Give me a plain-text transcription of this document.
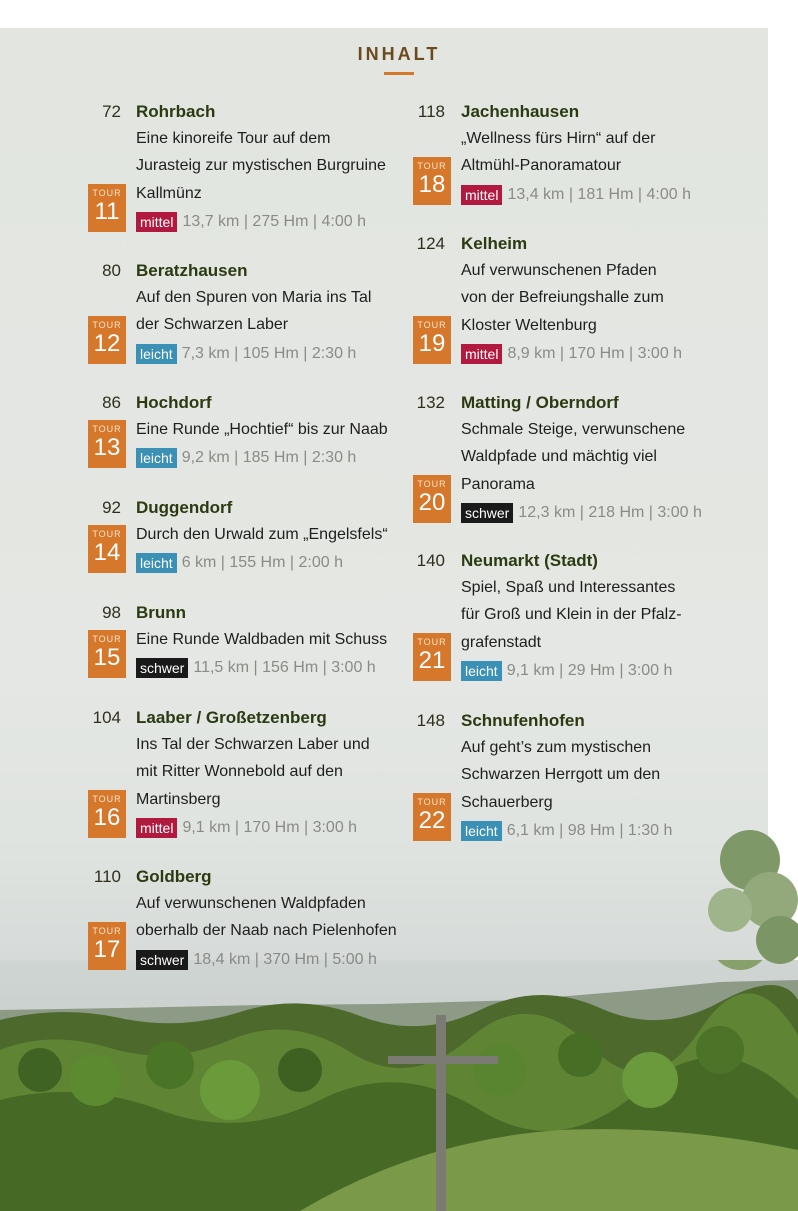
INHALT
72 Rohrbach
Eine kinoreife Tour auf dem
Jurasteig zur mystischen Burgruine
Kallmünz
mittel 13,7 km | 275 Hm | 4:00 h
TOUR
11
80 Beratzhausen
Auf den Spuren von Maria ins Tal
der Schwarzen Laber
leicht 7,3 km | 105 Hm | 2:30 h
TOUR
12
86 Hochdorf
Eine Runde „Hochtief“ bis zur Naab
leicht 9,2 km | 185 Hm | 2:30 h
TOUR
13
92 Duggendorf
Durch den Urwald zum „Engelsfels“
leicht 6 km | 155 Hm | 2:00 h
TOUR
14
98 Brunn
Eine Runde Waldbaden mit Schuss
schwer 11,5 km | 156 Hm | 3:00 h
TOUR
15
104 Laaber / Großetzenberg
Ins Tal der Schwarzen Laber und
mit Ritter Wonnebold auf den
Martinsberg
mittel 9,1 km | 170 Hm | 3:00 h
TOUR
16
110 Goldberg
Auf verwunschenen Waldpfaden
oberhalb der Naab nach Pielenhofen
schwer 18,4 km | 370 Hm | 5:00 h
TOUR
17
118 Jachenhausen
„Wellness fürs Hirn“ auf der
Altmühl-Panoramatour
mittel 13,4 km | 181 Hm | 4:00 h
TOUR
18
124 Kelheim
Auf verwunschenen Pfaden
von der Befreiungshalle zum
Kloster Weltenburg
mittel 8,9 km | 170 Hm | 3:00 h
TOUR
19
132 Matting / Oberndorf
Schmale Steige, verwunschene
Waldpfade und mächtig viel
Panorama
schwer 12,3 km | 218 Hm | 3:00 h
TOUR
20
140 Neumarkt (Stadt)
Spiel, Spaß und Interessantes
für Groß und Klein in der Pfalz-
grafenstadt
leicht 9,1 km | 29 Hm | 3:00 h
TOUR
21
148 Schnufenhofen
Auf geht’s zum mystischen
Schwarzen Herrgott um den
Schauerberg
leicht 6,1 km | 98 Hm | 1:30 h
TOUR
22
